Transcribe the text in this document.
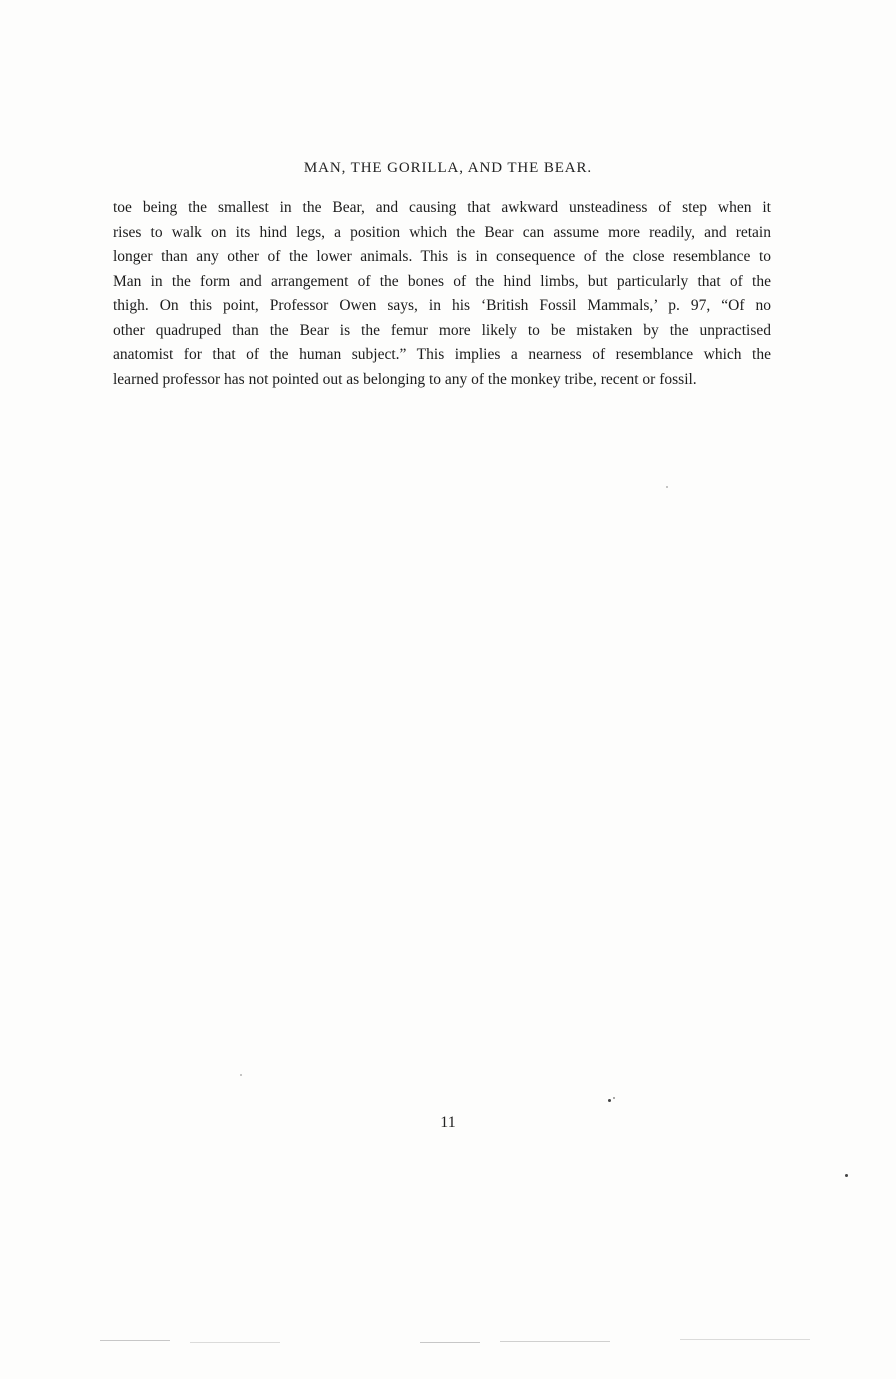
MAN, THE GORILLA, AND THE BEAR.
toe being the smallest in the Bear, and causing that awkward unsteadiness of step when it
rises to walk on its hind legs, a position which the Bear can assume more readily, and retain
longer than any other of the lower animals. This is in consequence of the close resemblance to
Man in the form and arrangement of the bones of the hind limbs, but particularly that of the
thigh. On this point, Professor Owen says, in his ‘British Fossil Mammals,’ p. 97, “Of no
other quadruped than the Bear is the femur more likely to be mistaken by the unpractised
anatomist for that of the human subject.” This implies a nearness of resemblance which the
learned professor has not pointed out as belonging to any of the monkey tribe, recent or fossil.
11
